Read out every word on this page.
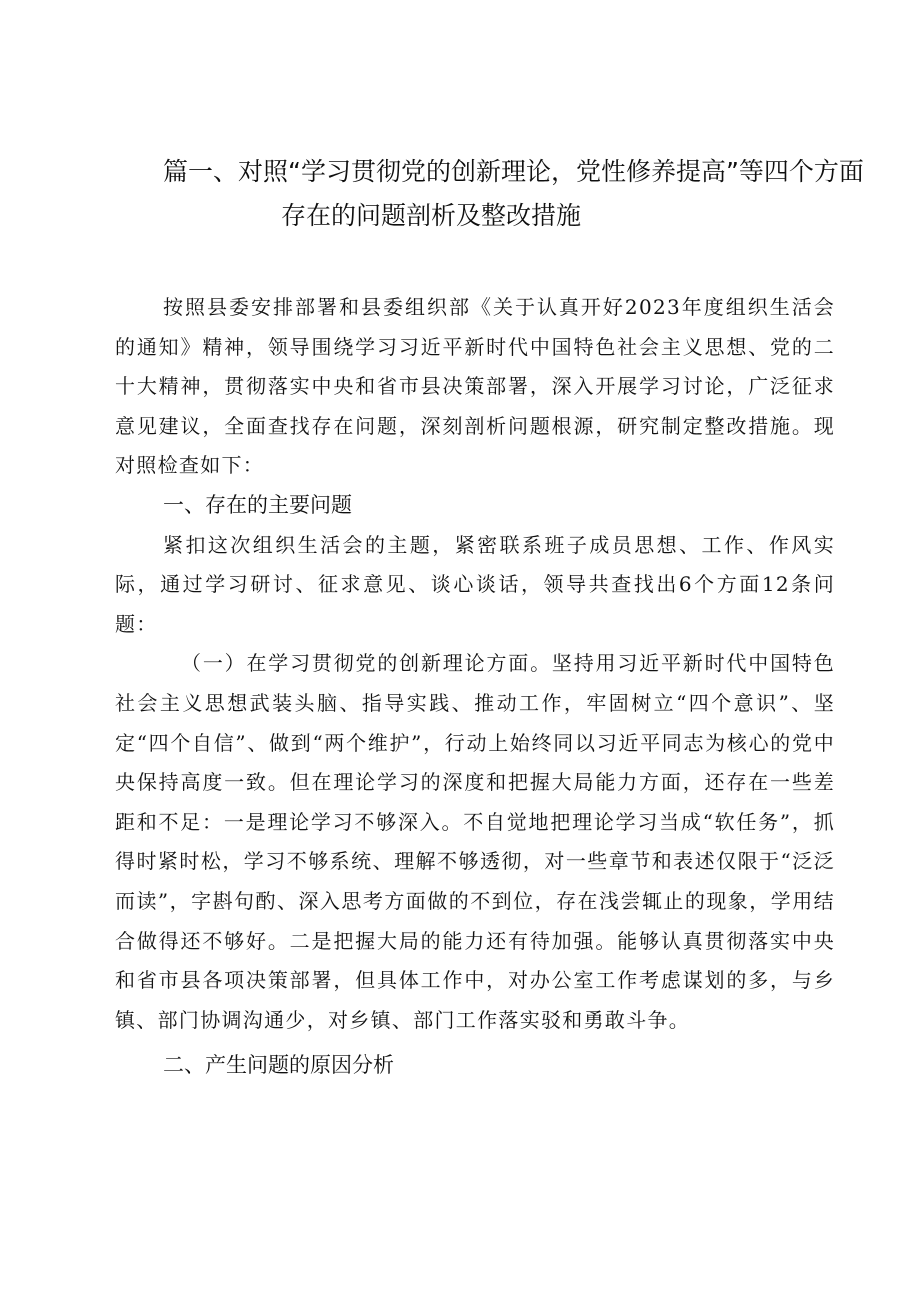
篇一、对照“学习贯彻党的创新理论，党性修养提高”等四个方面
存在的问题剖析及整改措施

按照县委安排部署和县委组织部《关于认真开好2023年度组织生活会的通知》精神，领导围绕学习习近平新时代中国特色社会主义思想、党的二十大精神，贯彻落实中央和省市县决策部署，深入开展学习讨论，广泛征求意见建议，全面查找存在问题，深刻剖析问题根源，研究制定整改措施。现对照检查如下：

一、存在的主要问题

紧扣这次组织生活会的主题，紧密联系班子成员思想、工作、作风实际，通过学习研讨、征求意见、谈心谈话，领导共查找出6个方面12条问题：

（一）在学习贯彻党的创新理论方面。坚持用习近平新时代中国特色社会主义思想武装头脑、指导实践、推动工作，牢固树立“四个意识”、坚定“四个自信”、做到“两个维护”，行动上始终同以习近平同志为核心的党中央保持高度一致。但在理论学习的深度和把握大局能力方面，还存在一些差距和不足：一是理论学习不够深入。不自觉地把理论学习当成“软任务”，抓得时紧时松，学习不够系统、理解不够透彻，对一些章节和表述仅限于“泛泛而读”，字斟句酌、深入思考方面做的不到位，存在浅尝辄止的现象，学用结合做得还不够好。二是把握大局的能力还有待加强。能够认真贯彻落实中央和省市县各项决策部署，但具体工作中，对办公室工作考虑谋划的多，与乡镇、部门协调沟通少，对乡镇、部门工作落实驳和勇敢斗争。

二、产生问题的原因分析
